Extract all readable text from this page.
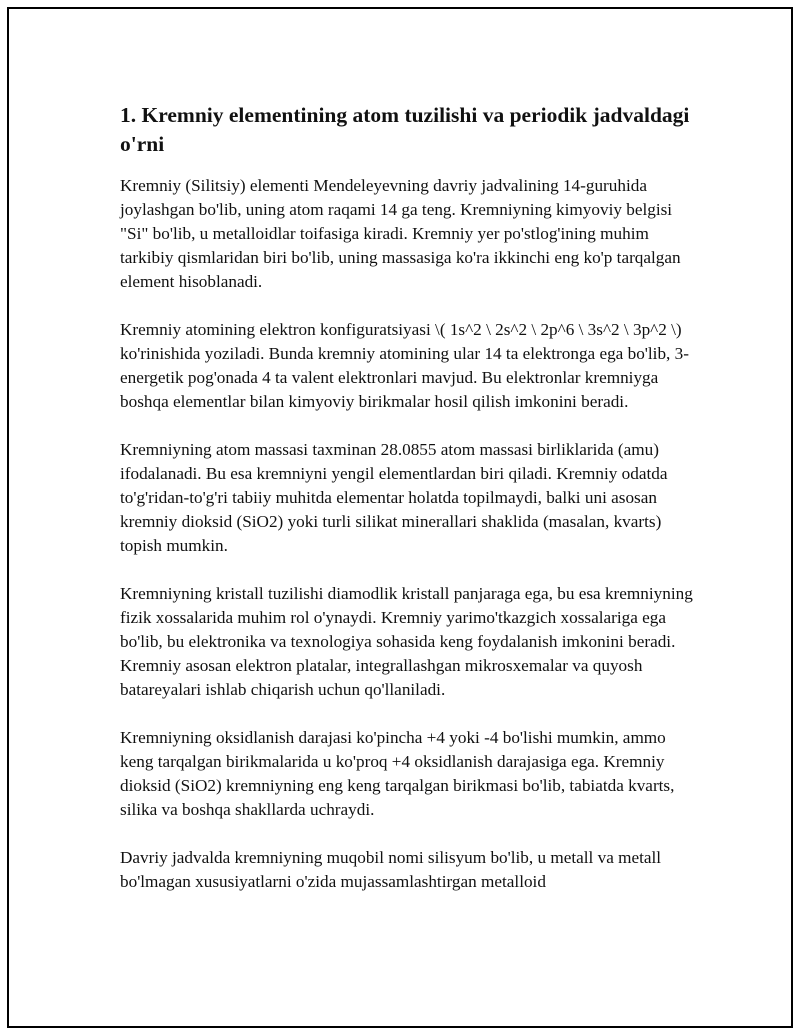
1. Kremniy elementining atom tuzilishi va periodik jadvaldagi o'rni

Kremniy (Silitsiy) elementi Mendeleyevning davriy jadvalining 14-guruhida joylashgan bo'lib, uning atom raqami 14 ga teng. Kremniyning kimyoviy belgisi "Si" bo'lib, u metalloidlar toifasiga kiradi. Kremniy yer po'stlog'ining muhim tarkibiy qismlaridan biri bo'lib, uning massasiga ko'ra ikkinchi eng ko'p tarqalgan element hisoblanadi.

Kremniy atomining elektron konfiguratsiyasi \( 1s^2 \ 2s^2 \ 2p^6 \ 3s^2 \ 3p^2 \) ko'rinishida yoziladi. Bunda kremniy atomining ular 14 ta elektronga ega bo'lib, 3-energetik pog'onada 4 ta valent elektronlari mavjud. Bu elektronlar kremniyga boshqa elementlar bilan kimyoviy birikmalar hosil qilish imkonini beradi.

Kremniyning atom massasi taxminan 28.0855 atom massasi birliklarida (amu) ifodalanadi. Bu esa kremniyni yengil elementlardan biri qiladi. Kremniy odatda to'g'ridan-to'g'ri tabiiy muhitda elementar holatda topilmaydi, balki uni asosan kremniy dioksid (SiO2) yoki turli silikat minerallari shaklida (masalan, kvarts) topish mumkin.

Kremniyning kristall tuzilishi diamodlik kristall panjaraga ega, bu esa kremniyning fizik xossalarida muhim rol o'ynaydi. Kremniy yarimo'tkazgich xossalariga ega bo'lib, bu elektronika va texnologiya sohasida keng foydalanish imkonini beradi. Kremniy asosan elektron platalar, integrallashgan mikrosxemalar va quyosh batareyalari ishlab chiqarish uchun qo'llaniladi.

Kremniyning oksidlanish darajasi ko'pincha +4 yoki -4 bo'lishi mumkin, ammo keng tarqalgan birikmalarida u ko'proq +4 oksidlanish darajasiga ega. Kremniy dioksid (SiO2) kremniyning eng keng tarqalgan birikmasi bo'lib, tabiatda kvarts, silika va boshqa shakllarda uchraydi.

Davriy jadvalda kremniyning muqobil nomi silisyum bo'lib, u metall va metall bo'lmagan xususiyatlarni o'zida mujassamlashtirgan metalloid
